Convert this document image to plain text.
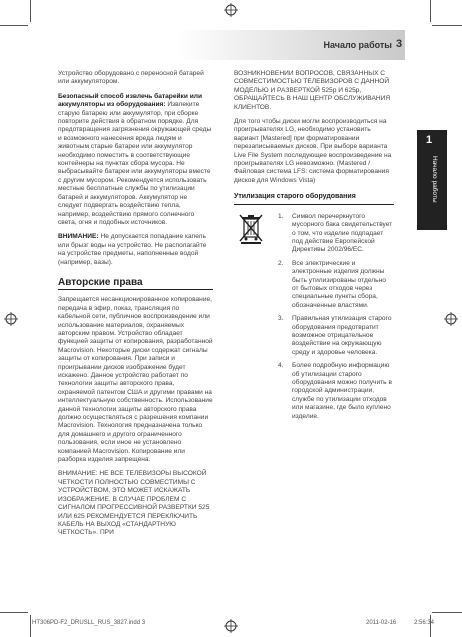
Начало работы 3
1
Начало работы

Устройство оборудовано с переносной батарей или аккумулятором.

Безопасный способ извлечь батарейки или аккумуляторы из оборудования: Извлеките старую батарею или аккумулятор, при сборке повторите действия в обратном порядке. Для предотвращения загрязнения окружающей среды и возможного нанесения вреда людям и животным старые батареи или аккумулятор необходимо поместить в соответствующие контейнеры на пунктах сбора мусора. Не выбрасывайте батареи или аккумуляторы вместе с другим мусором. Рекомендуется использовать местные бесплатные службы по утилизации батарей и аккумуляторов. Аккумулятор не следует подвергать воздействию тепла, например, воздействию прямого солнечного света, огня и подобных источников.

ВНИМАНИЕ: Не допускается попадание капель или брызг воды на устройство. Не располагайте на устройстве предметы, наполненные водой (например, вазы).

Авторские права

Запрещается несанкционированное копирование, передача в эфир, показ, трансляция по кабельной сети, публичное воспроизведение или использование материалов, охраняемых авторским правом. Устройство обладает функцией защиты от копирования, разработанной Macrovision. Некоторые диски содержат сигналы защиты от копирования. При записи и проигрывании дисков изображение будет искажено. Данное устройство работает по технологии защиты авторского права, охраняемой патентом США и другими правами на интеллектуальную собственность. Использование данной технологии защиты авторского права должно осуществляться с разрешения компании Macrovision. Технология предназначена только для домашнего и другого ограниченного пользования, если иное не установлено компанией Macrovision. Копирование или разборка изделия запрещена.

ВНИМАНИЕ: НЕ ВСЕ ТЕЛЕВИЗОРЫ ВЫСОКОЙ ЧЕТКОСТИ ПОЛНОСТЬЮ СОВМЕСТИМЫ С УСТРОЙСТВОМ, ЭТО МОЖЕТ ИСКАЖАТЬ ИЗОБРАЖЕНИЕ. В СЛУЧАЕ ПРОБЛЕМ С СИГНАЛОМ ПРОГРЕССИВНОЙ РАЗВЕРТКИ 525 ИЛИ 625 РЕКОМЕНДУЕТСЯ ПЕРЕКЛЮЧИТЬ КАБЕЛЬ НА ВЫХОД «СТАНДАРТНУЮ ЧЕТКОСТЬ». ПРИ

ВОЗНИКНОВЕНИИ ВОПРОСОВ, СВЯЗАННЫХ С СОВМЕСТИМОСТЬЮ ТЕЛЕВИЗОРОВ С ДАННОЙ МОДЕЛЬЮ И РАЗВЕРТКОЙ 525p И 625p, ОБРАЩАЙТЕСЬ В НАШ ЦЕНТР ОБСЛУЖИВАНИЯ КЛИЕНТОВ.

Для того чтобы диски могли воспроизводиться на проигрывателях LG, необходимо установить вариант [Mastered] при форматировании перезаписываемых дисков. При выборе варианта Live File System последующее воспроизведение на проигрывателях LG невозможно. (Mastered / Файловая система LFS: система форматирования дисков для Windows Vista)

Утилизация старого оборудования
1. Символ перечеркнутого мусорного бака свидетельствует о том, что изделие подпадает под действие Европейской Директивы 2002/96/EC.
2. Все электрические и электронные изделия должны быть утилизированы отдельно от бытовых отходов через специальные пункты сбора, обозначенные властями.
3. Правильная утилизация старого оборудования предотвратит возможное отрицательное воздействие на окружающую среду и здоровье человека.
4. Более подробную информацию об утилизации старого оборудования можно получить в городской администрации, службе по утилизации отходов или магазине, где было куплено изделие.
HT306PD-F2_DRUSLL_RUS_3827.indd 3	2011-02-16	2:56:34
